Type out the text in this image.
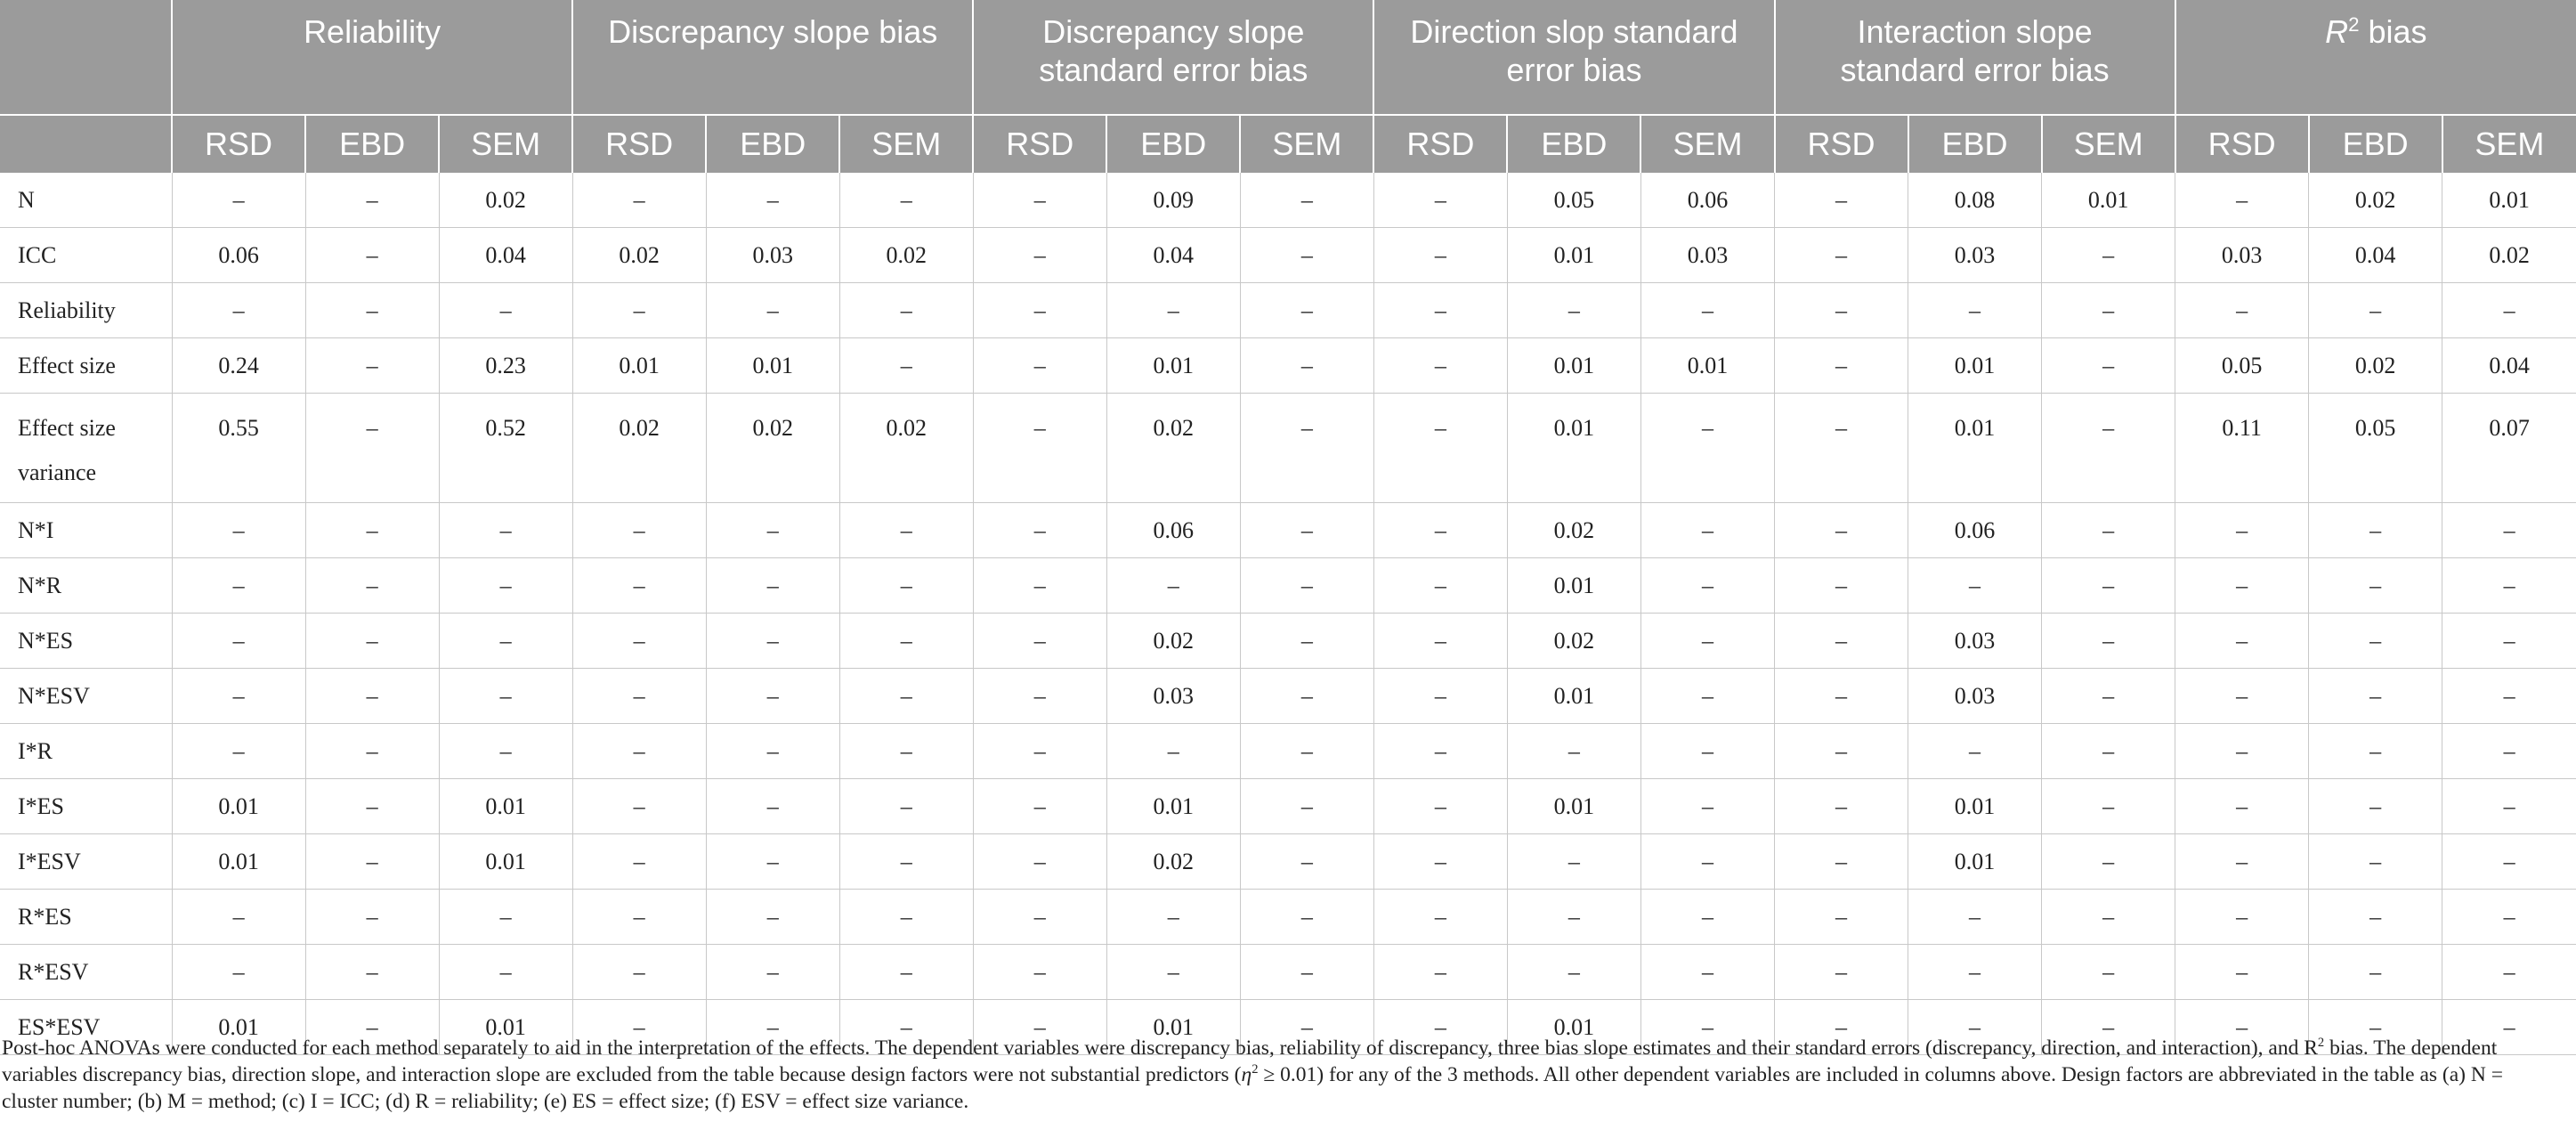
	Reliability			Discrepancy slope bias			Discrepancy slope
standard error bias			Direction slop standard
error bias			Interaction slope
standard error bias			$R^2$ bias		
	RSD	EBD	SEM	RSD	EBD	SEM	RSD	EBD	SEM	RSD	EBD	SEM	RSD	EBD	SEM	RSD	EBD	SEM
N	–	–	0.02	–	–	–	–	0.09	–	–	0.05	0.06	–	0.08	0.01	–	0.02	0.01
ICC	0.06	–	0.04	0.02	0.03	0.02	–	0.04	–	–	0.01	0.03	–	0.03	–	0.03	0.04	0.02
Reliability	–	–	–	–	–	–	–	–	–	–	–	–	–	–	–	–	–	–
Effect size	0.24	–	0.23	0.01	0.01	–	–	0.01	–	–	0.01	0.01	–	0.01	–	0.05	0.02	0.04
Effect size
variance	0.55	–	0.52	0.02	0.02	0.02	–	0.02	–	–	0.01	–	–	0.01	–	0.11	0.05	0.07
N*I	–	–	–	–	–	–	–	0.06	–	–	0.02	–	–	0.06	–	–	–	–
N*R	–	–	–	–	–	–	–	–	–	–	0.01	–	–	–	–	–	–	–
N*ES	–	–	–	–	–	–	–	0.02	–	–	0.02	–	–	0.03	–	–	–	–
N*ESV	–	–	–	–	–	–	–	0.03	–	–	0.01	–	–	0.03	–	–	–	–
I*R	–	–	–	–	–	–	–	–	–	–	–	–	–	–	–	–	–	–
I*ES	0.01	–	0.01	–	–	–	–	0.01	–	–	0.01	–	–	0.01	–	–	–	–
I*ESV	0.01	–	0.01	–	–	–	–	0.02	–	–	–	–	–	0.01	–	–	–	–
R*ES	–	–	–	–	–	–	–	–	–	–	–	–	–	–	–	–	–	–
R*ESV	–	–	–	–	–	–	–	–	–	–	–	–	–	–	–	–	–	–
ES*ESV	0.01	–	0.01	–	–	–	–	0.01	–	–	0.01	–	–	–	–	–	–	–
Post-hoc ANOVAs were conducted for each method separately to aid in the interpretation of the effects. The dependent variables were discrepancy bias, reliability of discrepancy, three bias slope estimates and their standard errors (discrepancy, direction, and interaction), and $R^2$ bias. The dependent variables discrepancy bias, direction slope, and interaction slope are excluded from the table because design factors were not substantial predictors $(\eta^2 \ge 0.01)$ for any of the 3 methods. All other dependent variables are included in columns above. Design factors are abbreviated in the table as (a) N = cluster number; (b) M = method; (c) I = ICC; (d) R = reliability; (e) ES = effect size; (f) ESV = effect size variance.
